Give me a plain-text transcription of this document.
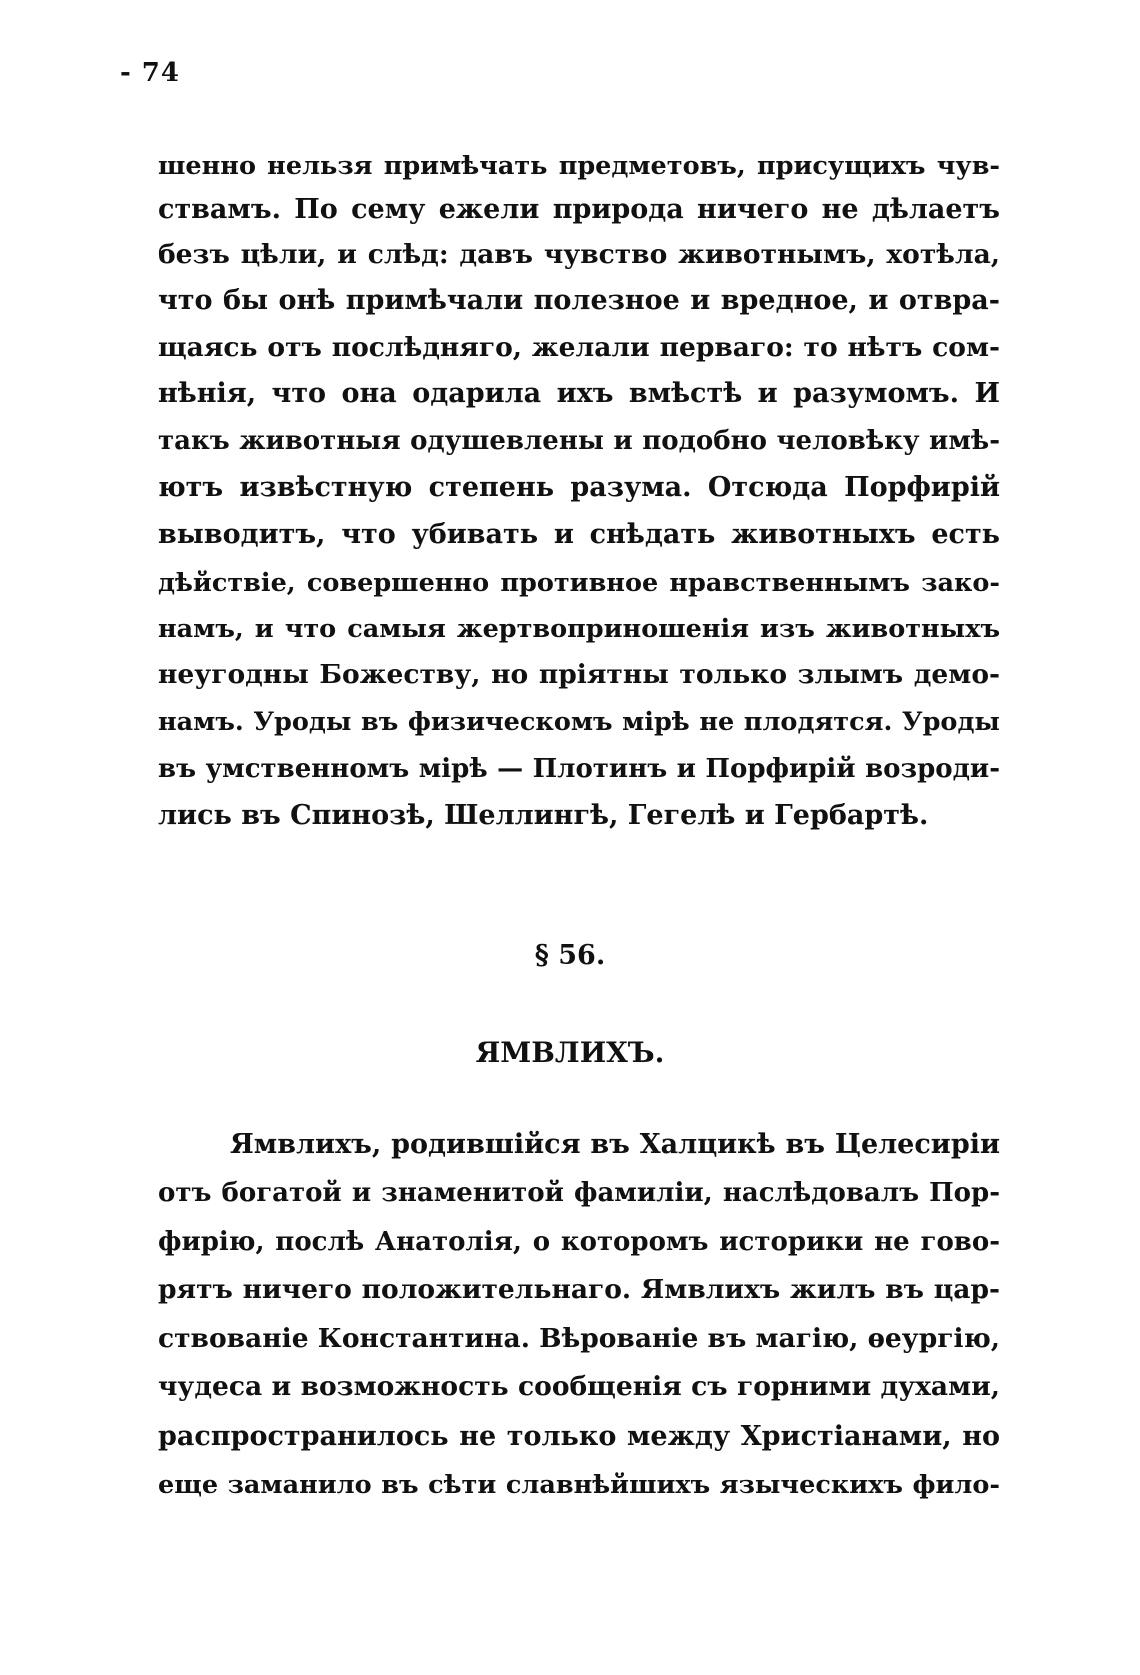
- 74
шенно нельзя примѣчать предметовъ, присущихъ чув-
ствамъ. По сему ежели природа ничего не дѣлаетъ
безъ цѣли, и слѣд: давъ чувство животнымъ, хотѣла,
что бы онѣ примѣчали полезное и вредное, и отвра-
щаясь отъ послѣдняго, желали перваго: то нѣтъ сом-
нѣнія, что она одарила ихъ вмѣстѣ и разумомъ. И
такъ животныя одушевлены и подобно человѣку имѣ-
ютъ извѣстную степень разума. Отсюда Порфирій
выводитъ, что убивать и снѣдать животныхъ есть
дѣйствіе, совершенно противное нравственнымъ зако-
намъ, и что самыя жертвоприношенія изъ животныхъ
неугодны Божеству, но пріятны только злымъ демо-
намъ. Уроды въ физическомъ мірѣ не плодятся. Уроды
въ умственномъ мірѣ — Плотинъ и Порфирій возроди-
лись въ Спинозѣ, Шеллингѣ, Гегелѣ и Гербартѣ.
§ 56.
ЯМВЛИХЪ.
Ямвлихъ, родившійся въ Халцикѣ въ Целесиріи
отъ богатой и знаменитой фамиліи, наслѣдовалъ Пор-
фирію, послѣ Анатолія, о которомъ историки не гово-
рятъ ничего положительнаго. Ямвлихъ жилъ въ цар-
ствованіе Константина. Вѣрованіе въ магію, ѳеургію,
чудеса и возможность сообщенія съ горними духами,
распространилось не только между Христіанами, но
еще заманило въ сѣти славнѣйшихъ языческихъ фило-
